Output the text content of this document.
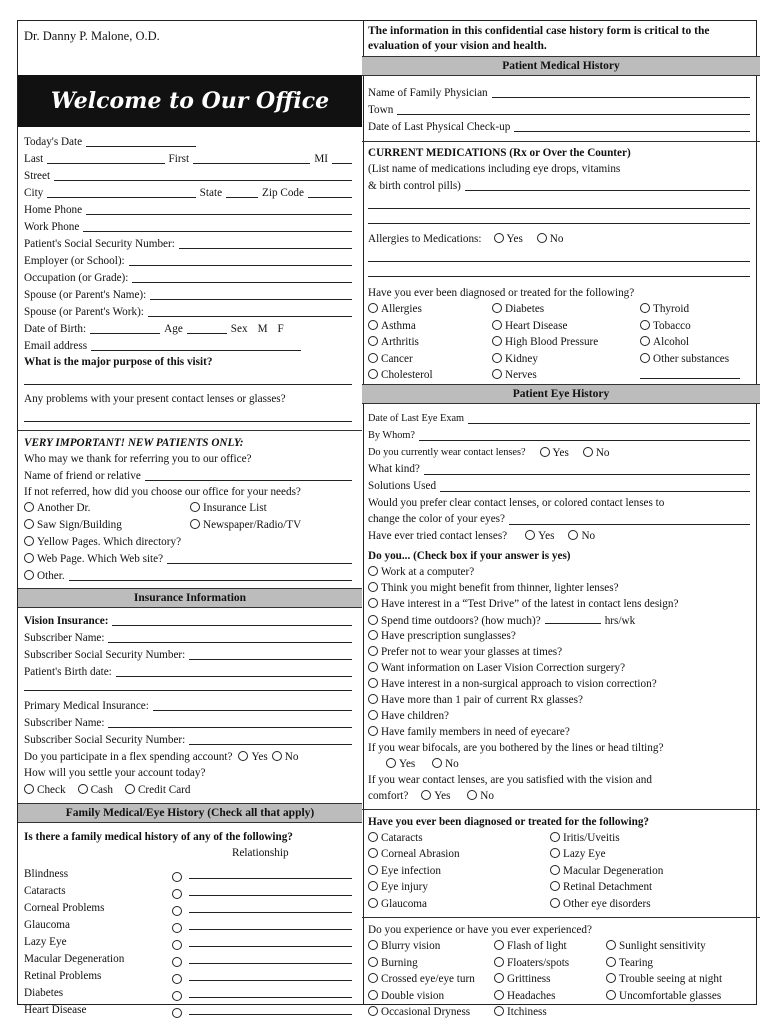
Dr. Danny P. Malone, O.D.
Welcome to Our Office
Today's Date
Last	First	MI
Street
City	State	Zip Code
Home Phone
Work Phone
Patient's Social Security Number:
Employer (or School):
Occupation (or Grade):
Spouse (or Parent's Name):
Spouse (or Parent's Work):
Date of Birth:	Age	Sex M F
Email address
What is the major purpose of this visit?
Any problems with your present contact lenses or glasses?
VERY IMPORTANT! NEW PATIENTS ONLY:
Who may we thank for referring you to our office?
Name of friend or relative
If not referred, how did you choose our office for your needs?
Another Dr.	Insurance List
Saw Sign/Building	Newspaper/Radio/TV
Yellow Pages. Which directory?
Web Page. Which Web site?
Other.
Insurance Information
Vision Insurance:
Subscriber Name:
Subscriber Social Security Number:
Patient's Birth date:
Primary Medical Insurance:
Subscriber Name:
Subscriber Social Security Number:
Do you participate in a flex spending account?	Yes	No
How will you settle your account today?
Check	Cash	Credit Card
Family Medical/Eye History (Check all that apply)
Is there a family medical history of any of the following?
Relationship
Blindness
Cataracts
Corneal Problems
Glaucoma
Lazy Eye
Macular Degeneration
Retinal Problems
Diabetes
Heart Disease
The information in this confidential case history form is critical to the evaluation of your vision and health.
Patient Medical History
Name of Family Physician
Town
Date of Last Physical Check-up
CURRENT MEDICATIONS (Rx or Over the Counter)
(List name of medications including eye drops, vitamins
& birth control pills)
Allergies to Medications:	Yes	No
Have you ever been diagnosed or treated for the following?
Allergies	Diabetes	Thyroid
Asthma	Heart Disease	Tobacco
Arthritis	High Blood Pressure	Alcohol
Cancer	Kidney	Other substances
Cholesterol	Nerves
Patient Eye History
Date of Last Eye Exam
By Whom?
Do you currently wear contact lenses?	Yes	No
What kind?
Solutions Used
Would you prefer clear contact lenses, or colored contact lenses to
change the color of your eyes?
Have ever tried contact lenses?	Yes	No
Do you... (Check box if your answer is yes)
Work at a computer?
Think you might benefit from thinner, lighter lenses?
Have interest in a “Test Drive” of the latest in contact lens design?
Spend time outdoors? (how much)?	hrs/wk
Have prescription sunglasses?
Prefer not to wear your glasses at times?
Want information on Laser Vision Correction surgery?
Have interest in a non-surgical approach to vision correction?
Have more than 1 pair of current Rx glasses?
Have children?
Have family members in need of eyecare?
If you wear bifocals, are you bothered by the lines or head tilting?
Yes	No
If you wear contact lenses, are you satisfied with the vision and
comfort? Yes	No
Have you ever been diagnosed or treated for the following?
Cataracts	Iritis/Uveitis
Corneal Abrasion	Lazy Eye
Eye infection	Macular Degeneration
Eye injury	Retinal Detachment
Glaucoma	Other eye disorders
Do you experience or have you ever experienced?
Blurry vision	Flash of light	Sunlight sensitivity
Burning	Floaters/spots	Tearing
Crossed eye/eye turn	Grittiness	Trouble seeing at night
Double vision	Headaches	Uncomfortable glasses
Occasional Dryness	Itchiness
